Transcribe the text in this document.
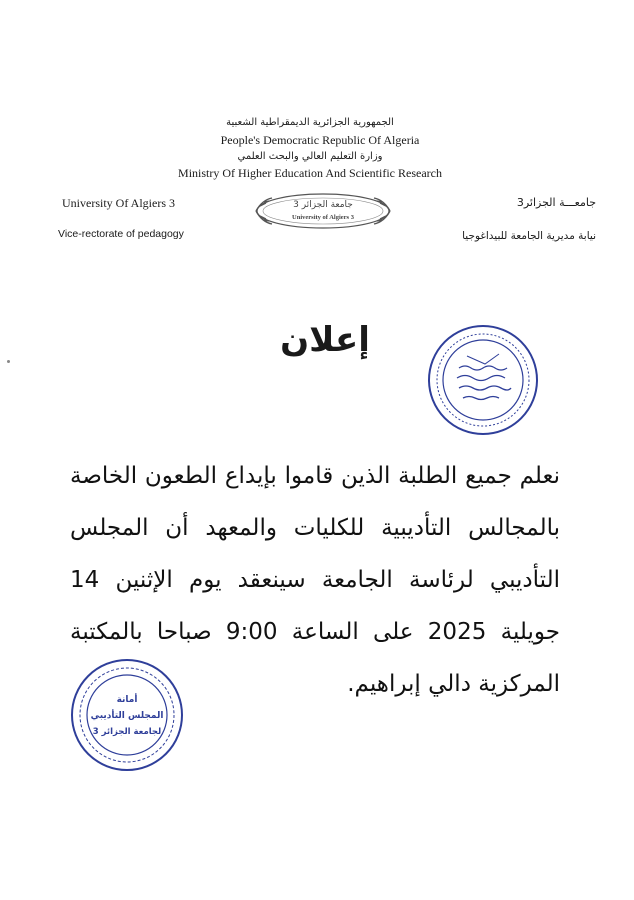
الجمهورية الجزائرية الديمقراطية الشعبية
People's Democratic Republic Of Algeria
وزارة التعليم العالي والبحث العلمي
Ministry Of Higher Education And Scientific Research
University Of Algiers 3
Vice-rectorate of pedagogy
جامعـــة الجزائر3
نيابة مديرية الجامعة للبيداغوجيا
جامعة الجزائر 3
University of Algiers 3
إعلان
أمانة
المجلس التأديبي
لجامعة الجزائر 3
نعلم جميع الطلبة الذين قاموا بإيداع الطعون الخاصة بالمجالس التأديبية للكليات والمعهد أن المجلس التأديبي لرئاسة الجامعة سينعقد يوم الإثنين 14 جويلية 2025 على الساعة 9:00 صباحا بالمكتبة المركزية دالي إبراهيم.
